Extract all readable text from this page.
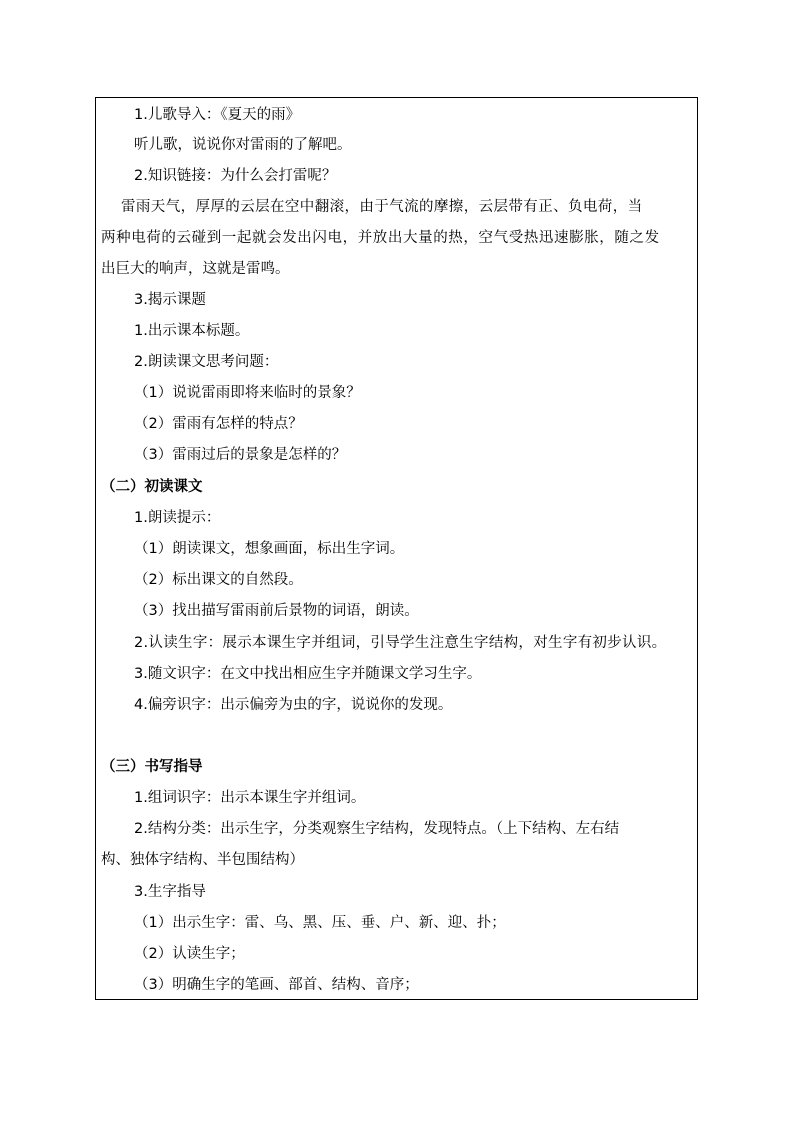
1.儿歌导入：《夏天的雨》
听儿歌，说说你对雷雨的了解吧。
2.知识链接：为什么会打雷呢？
雷雨天气，厚厚的云层在空中翻滚，由于气流的摩擦，云层带有正、负电荷，当
两种电荷的云碰到一起就会发出闪电，并放出大量的热，空气受热迅速膨胀，随之发
出巨大的响声，这就是雷鸣。
3.揭示课题
1.出示课本标题。
2.朗读课文思考问题：
（1）说说雷雨即将来临时的景象？
（2）雷雨有怎样的特点？
（3）雷雨过后的景象是怎样的？
（二）初读课文
1.朗读提示：
（1）朗读课文，想象画面，标出生字词。
（2）标出课文的自然段。
（3）找出描写雷雨前后景物的词语，朗读。
2.认读生字：展示本课生字并组词，引导学生注意生字结构，对生字有初步认识。
3.随文识字：在文中找出相应生字并随课文学习生字。
4.偏旁识字：出示偏旁为虫的字，说说你的发现。
（三）书写指导
1.组词识字：出示本课生字并组词。
2.结构分类：出示生字，分类观察生字结构，发现特点。（上下结构、左右结
构、独体字结构、半包围结构）
3.生字指导
（1）出示生字：雷、乌、黑、压、垂、户、新、迎、扑；
（2）认读生字；
（3）明确生字的笔画、部首、结构、音序；
